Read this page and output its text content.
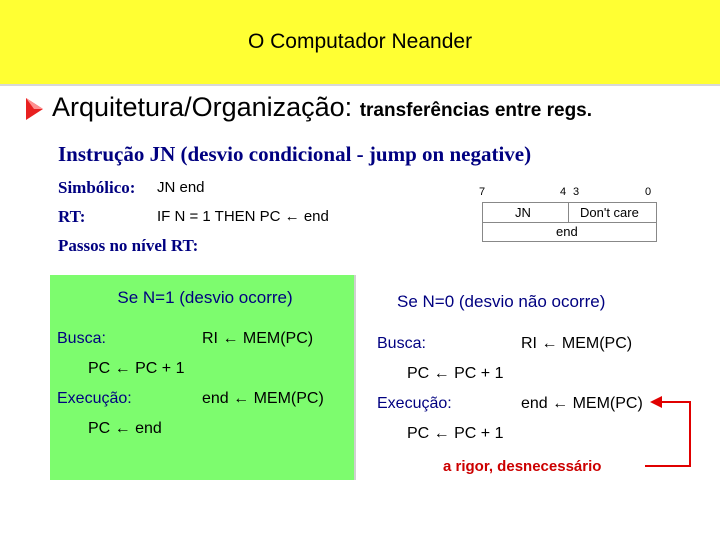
O Computador Neander
Arquitetura/Organização: transferências entre regs.
Instrução JN (desvio condicional - jump on negative)
Simbólico: JN end
RT:	IF N = 1 THEN PC ← end
Passos no nível RT:
7	4 3	0
JN	Don't care
end
Se N=1 (desvio ocorre)
Busca:	RI ← MEM(PC)
PC ← PC + 1
Execução:	end ← MEM(PC)
PC ← end
Se N=0 (desvio não ocorre)
Busca:	RI ← MEM(PC)
PC ← PC + 1
Execução:	end ← MEM(PC)
PC ← PC + 1
a rigor, desnecessário
